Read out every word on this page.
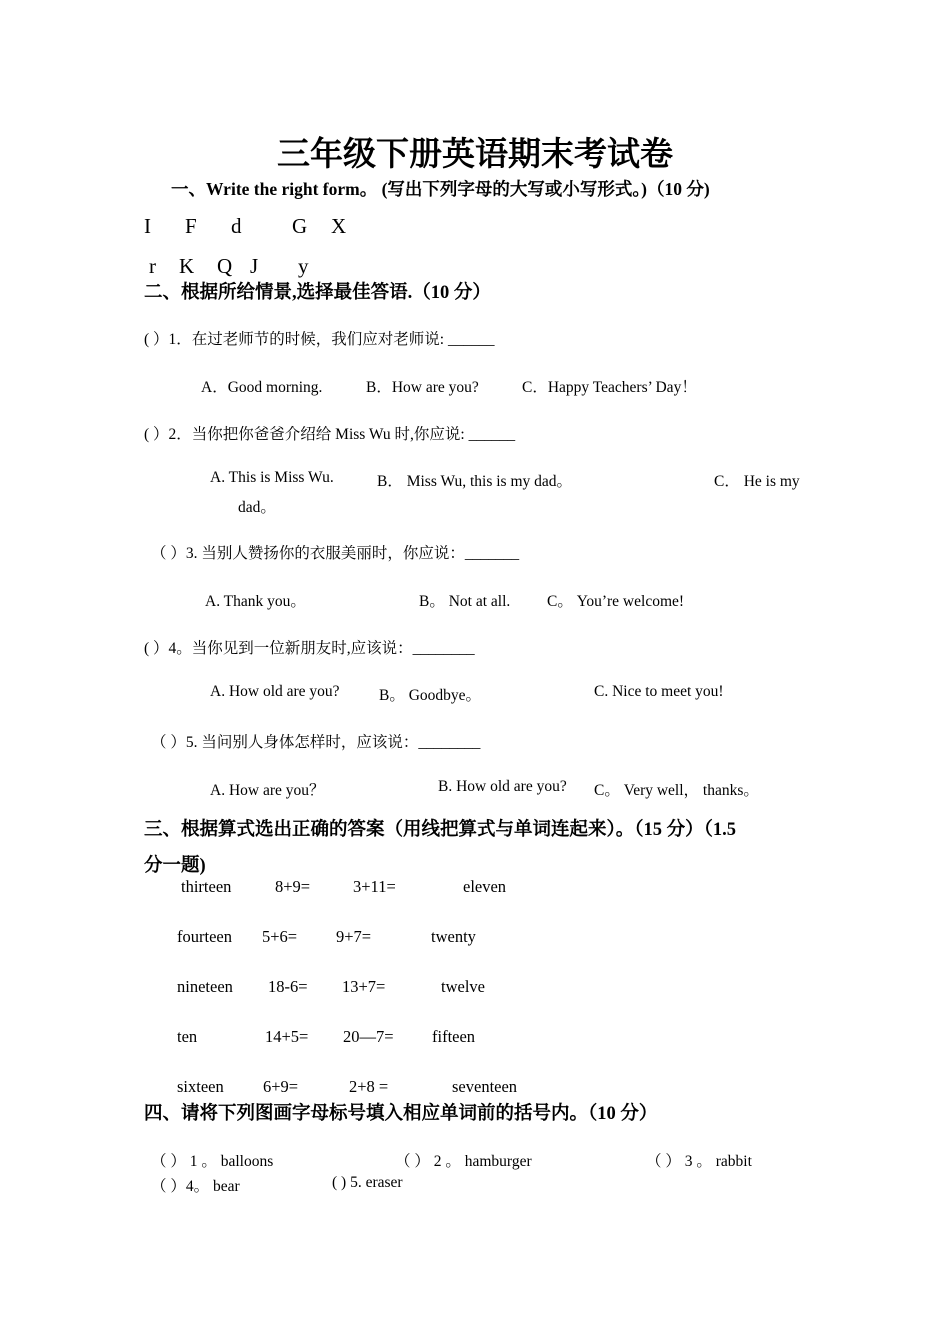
三年级下册英语期末考试卷
一、Write the right form。 (写出下列字母的大写或小写形式。)（10 分)
I F d G X
r K Q J y
二、根据所给情景,选择最佳答语.（10 分）
( ）1．在过老师节的时候，我们应对老师说: ______
A．Good morning.	B．How are you?	C．Happy Teachers’ Day！
( ）2．当你把你爸爸介绍给 Miss Wu 时,你应说: ______
A. This is Miss Wu.	B． Miss Wu, this is my dad。	C． He is my
dad。
（ ）3. 当别人赞扬你的衣服美丽时，你应说：_______
A. Thank you。	B。 Not at all. C。 You’re welcome!
( ）4。当你见到一位新朋友时,应该说：________
A. How old are you?	B。 Goodbye。	C. Nice to meet you!
（ ）5. 当问别人身体怎样时，应该说：________
A. How are you？	B. How old are you? C。 Very well， thanks。
三、根据算式选出正确的答案（用线把算式与单词连起来）。（15 分）（1.5
分一题)
thirteen	8+9=	3+11=	eleven
fourteen 5+6= 9+7=	twenty
nineteen 18-6= 13+7=	twelve
ten	14+5= 20—7= fifteen
sixteen 6+9=	2+8 =	seventeen
四、请将下列图画字母标号填入相应单词前的括号内。（10 分）
（ ） 1 。 balloons	（ ） 2 。 hamburger	（ ） 3 。 rabbit
（ ）4。 bear	( ) 5. eraser
